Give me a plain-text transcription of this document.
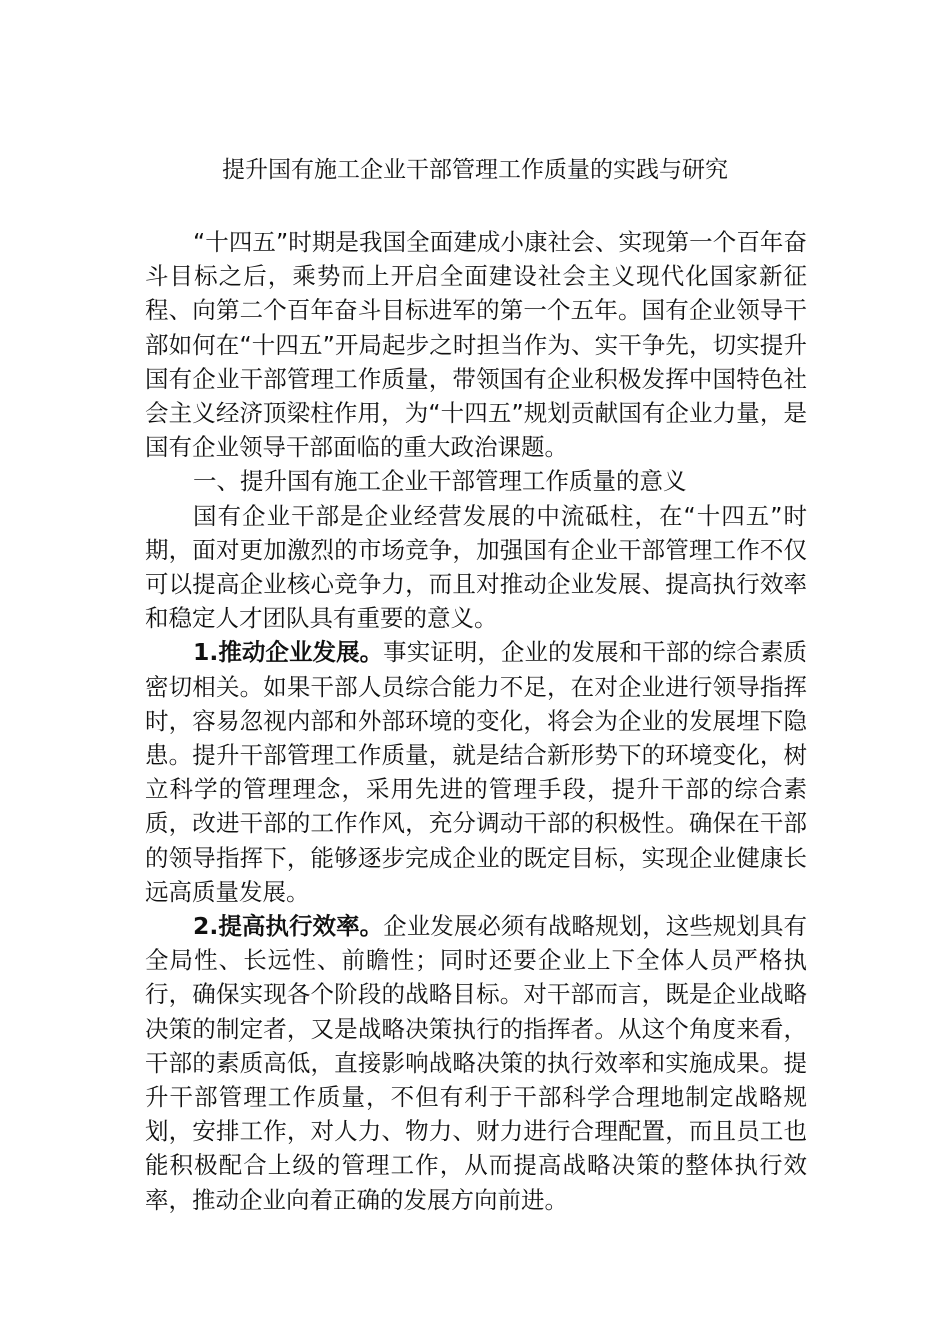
提升国有施工企业干部管理工作质量的实践与研究

“十四五”时期是我国全面建成小康社会、实现第一个百年奋斗目标之后，乘势而上开启全面建设社会主义现代化国家新征程、向第二个百年奋斗目标进军的第一个五年。国有企业领导干部如何在“十四五”开局起步之时担当作为、实干争先，切实提升国有企业干部管理工作质量，带领国有企业积极发挥中国特色社会主义经济顶梁柱作用，为“十四五”规划贡献国有企业力量，是国有企业领导干部面临的重大政治课题。

一、提升国有施工企业干部管理工作质量的意义

国有企业干部是企业经营发展的中流砥柱，在“十四五”时期，面对更加激烈的市场竞争，加强国有企业干部管理工作不仅可以提高企业核心竞争力，而且对推动企业发展、提高执行效率和稳定人才团队具有重要的意义。

1.推动企业发展。事实证明，企业的发展和干部的综合素质密切相关。如果干部人员综合能力不足，在对企业进行领导指挥时，容易忽视内部和外部环境的变化，将会为企业的发展埋下隐患。提升干部管理工作质量，就是结合新形势下的环境变化，树立科学的管理理念，采用先进的管理手段，提升干部的综合素质，改进干部的工作作风，充分调动干部的积极性。确保在干部的领导指挥下，能够逐步完成企业的既定目标，实现企业健康长远高质量发展。

2.提高执行效率。企业发展必须有战略规划，这些规划具有全局性、长远性、前瞻性；同时还要企业上下全体人员严格执行，确保实现各个阶段的战略目标。对干部而言，既是企业战略决策的制定者，又是战略决策执行的指挥者。从这个角度来看，干部的素质高低，直接影响战略决策的执行效率和实施成果。提升干部管理工作质量，不但有利于干部科学合理地制定战略规划，安排工作，对人力、物力、财力进行合理配置，而且员工也能积极配合上级的管理工作，从而提高战略决策的整体执行效率，推动企业向着正确的发展方向前进。
